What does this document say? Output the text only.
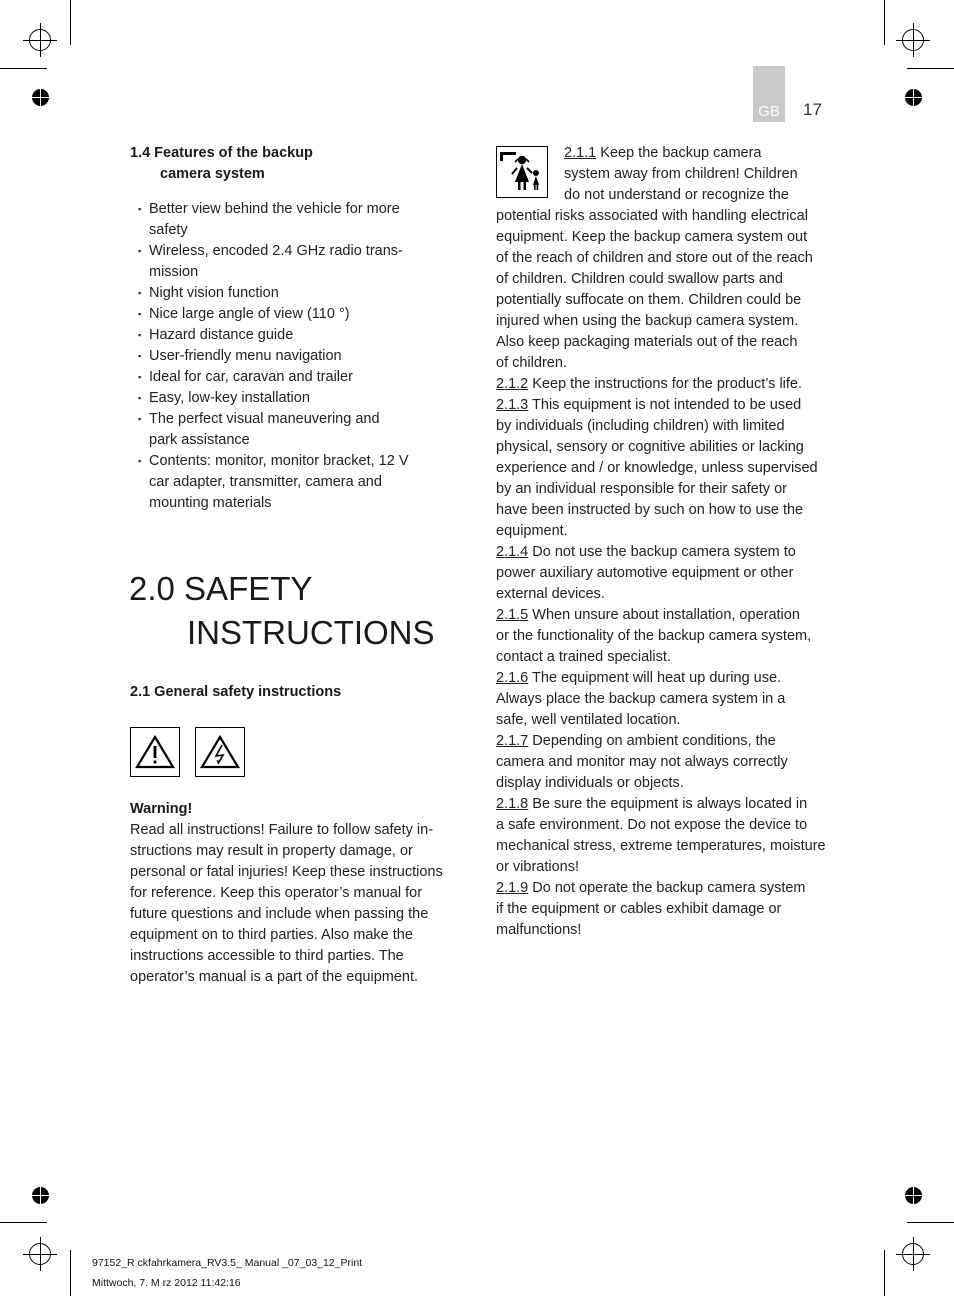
GB 17
1.4 Features of the backup
camera system
▪ Better view behind the vehicle for more
safety
▪ Wireless, encoded 2.4 GHz radio trans-
mission
▪ Night vision function
▪ Nice large angle of view (110 °)
▪ Hazard distance guide
▪ User-friendly menu navigation
▪ Ideal for car, caravan and trailer
▪ Easy, low-key installation
▪ The perfect visual maneuvering and
park assistance
▪ Contents: monitor, monitor bracket, 12 V
car adapter, transmitter, camera and
mounting materials
2.0 SAFETY
INSTRUCTIONS
2.1 General safety instructions
Warning!
Read all instructions! Failure to follow safety in-
structions may result in property damage, or
personal or fatal injuries! Keep these instructions
for reference. Keep this operator’s manual for
future questions and include when passing the
equipment on to third parties. Also make the
instructions accessible to third parties. The
operator’s manual is a part of the equipment.
2.1.1 Keep the backup camera
system away from children! Children
do not understand or recognize the
potential risks associated with handling electrical
equipment. Keep the backup camera system out
of the reach of children and store out of the reach
of children. Children could swallow parts and
potentially suffocate on them. Children could be
injured when using the backup camera system.
Also keep packaging materials out of the reach
of children.
2.1.2 Keep the instructions for the product’s life.
2.1.3 This equipment is not intended to be used
by individuals (including children) with limited
physical, sensory or cognitive abilities or lacking
experience and / or knowledge, unless supervised
by an individual responsible for their safety or
have been instructed by such on how to use the
equipment.
2.1.4 Do not use the backup camera system to
power auxiliary automotive equipment or other
external devices.
2.1.5 When unsure about installation, operation
or the functionality of the backup camera system,
contact a trained specialist.
2.1.6 The equipment will heat up during use.
Always place the backup camera system in a
safe, well ventilated location.
2.1.7 Depending on ambient conditions, the
camera and monitor may not always correctly
display individuals or objects.
2.1.8 Be sure the equipment is always located in
a safe environment. Do not expose the device to
mechanical stress, extreme temperatures, moisture
or vibrations!
2.1.9 Do not operate the backup camera system
if the equipment or cables exhibit damage or
malfunctions!
97152_R ckfahrkamera_RV3.5_ Manual _07_03_12_Print
Mittwoch, 7. M rz 2012 11:42:16
